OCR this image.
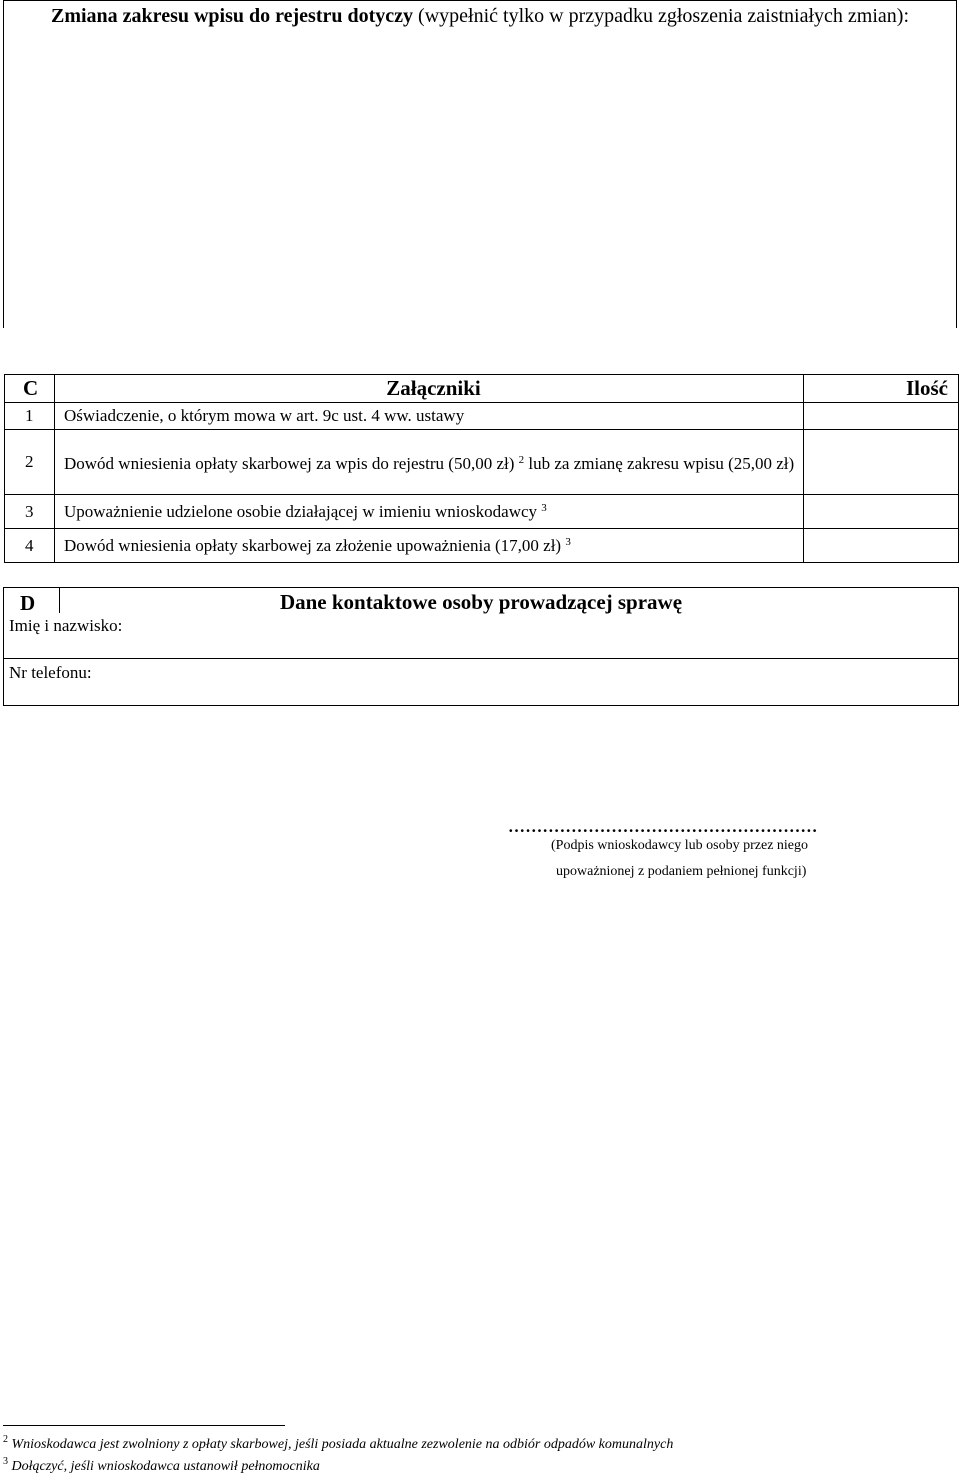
Zmiana zakresu wpisu do rejestru dotyczy (wypełnić tylko w przypadku zgłoszenia zaistniałych zmian):
C	Załączniki	Ilość
1	Oświadczenie, o którym mowa w art. 9c ust. 4 ww. ustawy	
2	Dowód wniesienia opłaty skarbowej za wpis do rejestru (50,00 zł) $^2$ lub za zmianę zakresu wpisu (25,00 zł)	
3	Upoważnienie udzielone osobie działającej w imieniu wnioskodawcy $^3$	
4	Dowód wniesienia opłaty skarbowej za złożenie upoważnienia (17,00 zł) $^3$	

D	Dane kontaktowe osoby prowadzącej sprawę
Imię i nazwisko:
Nr telefonu:
………………………………………………
(Podpis wnioskodawcy lub osoby przez niego
upoważnionej z podaniem pełnionej funkcji)
$^2$ Wnioskodawca jest zwolniony z opłaty skarbowej, jeśli posiada aktualne zezwolenie na odbiór odpadów komunalnych
$^3$ Dołączyć, jeśli wnioskodawca ustanowił pełnomocnika
